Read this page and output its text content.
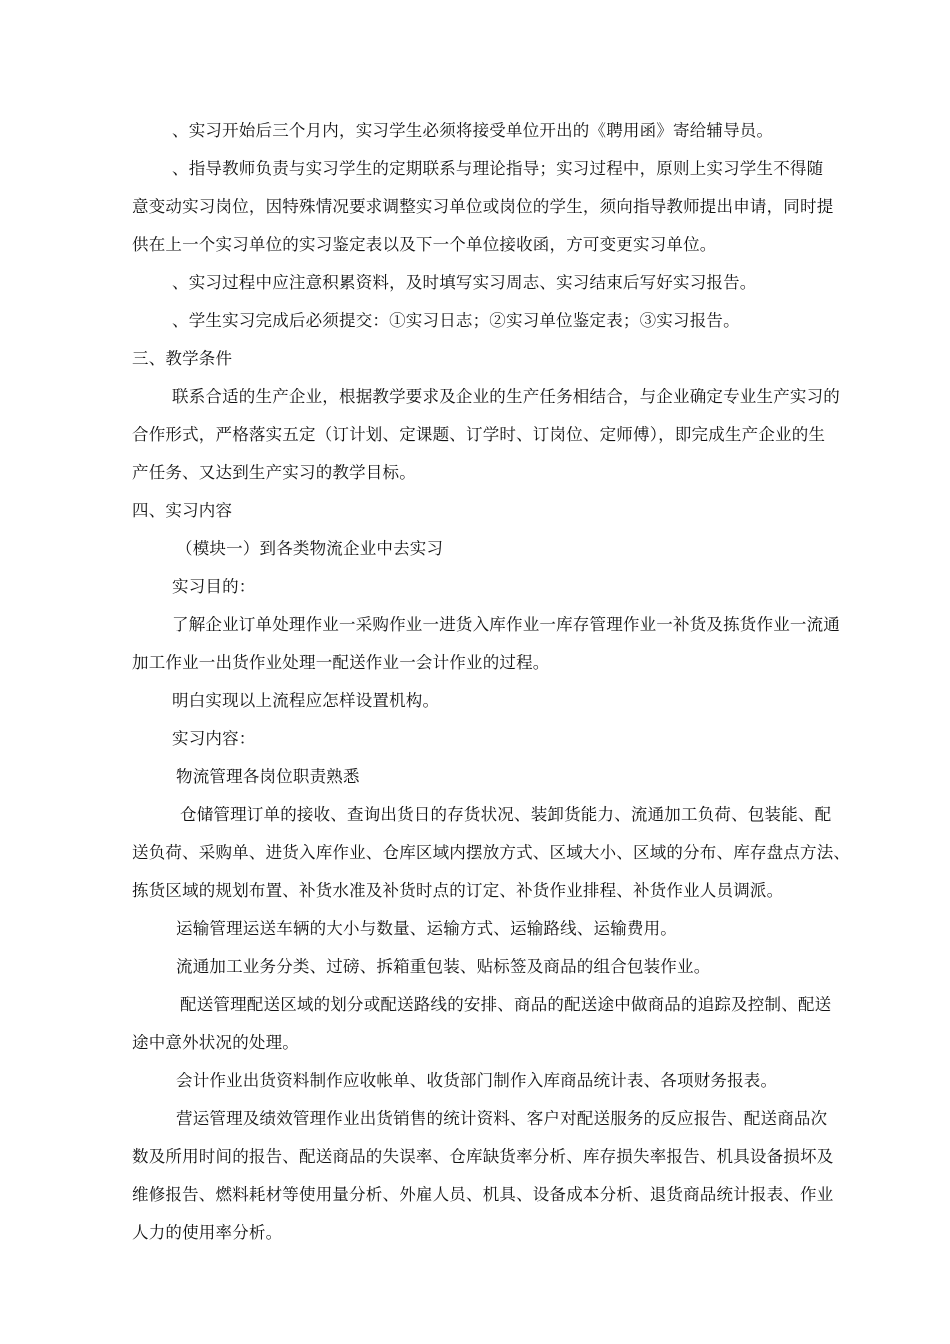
、实习开始后三个月内，实习学生必须将接受单位开出的《聘用函》寄给辅导员。
、指导教师负责与实习学生的定期联系与理论指导；实习过程中，原则上实习学生不得随
意变动实习岗位，因特殊情况要求调整实习单位或岗位的学生，须向指导教师提出申请，同时提
供在上一个实习单位的实习鉴定表以及下一个单位接收函，方可变更实习单位。
、实习过程中应注意积累资料，及时填写实习周志、实习结束后写好实习报告。
、学生实习完成后必须提交：①实习日志；②实习单位鉴定表；③实习报告。
三、教学条件
联系合适的生产企业，根据教学要求及企业的生产任务相结合，与企业确定专业生产实习的
合作形式，严格落实五定（订计划、定课题、订学时、订岗位、定师傅），即完成生产企业的生
产任务、又达到生产实习的教学目标。
四、实习内容
（模块一）到各类物流企业中去实习
实习目的：
了解企业订单处理作业一采购作业一进货入库作业一库存管理作业一补货及拣货作业一流通
加工作业一出货作业处理一配送作业一会计作业的过程。
明白实现以上流程应怎样设置机构。
实习内容：
物流管理各岗位职责熟悉
仓储管理订单的接收、查询出货日的存货状况、装卸货能力、流通加工负荷、包装能、配
送负荷、采购单、进货入库作业、仓库区域内摆放方式、区域大小、区域的分布、库存盘点方法、
拣货区域的规划布置、补货水准及补货时点的订定、补货作业排程、补货作业人员调派。
运输管理运送车辆的大小与数量、运输方式、运输路线、运输费用。
流通加工业务分类、过磅、拆箱重包装、贴标签及商品的组合包装作业。
配送管理配送区域的划分或配送路线的安排、商品的配送途中做商品的追踪及控制、配送
途中意外状况的处理。
会计作业出货资料制作应收帐单、收货部门制作入库商品统计表、各项财务报表。
营运管理及绩效管理作业出货销售的统计资料、客户对配送服务的反应报告、配送商品次
数及所用时间的报告、配送商品的失误率、仓库缺货率分析、库存损失率报告、机具设备损坏及
维修报告、燃料耗材等使用量分析、外雇人员、机具、设备成本分析、退货商品统计报表、作业
人力的使用率分析。
